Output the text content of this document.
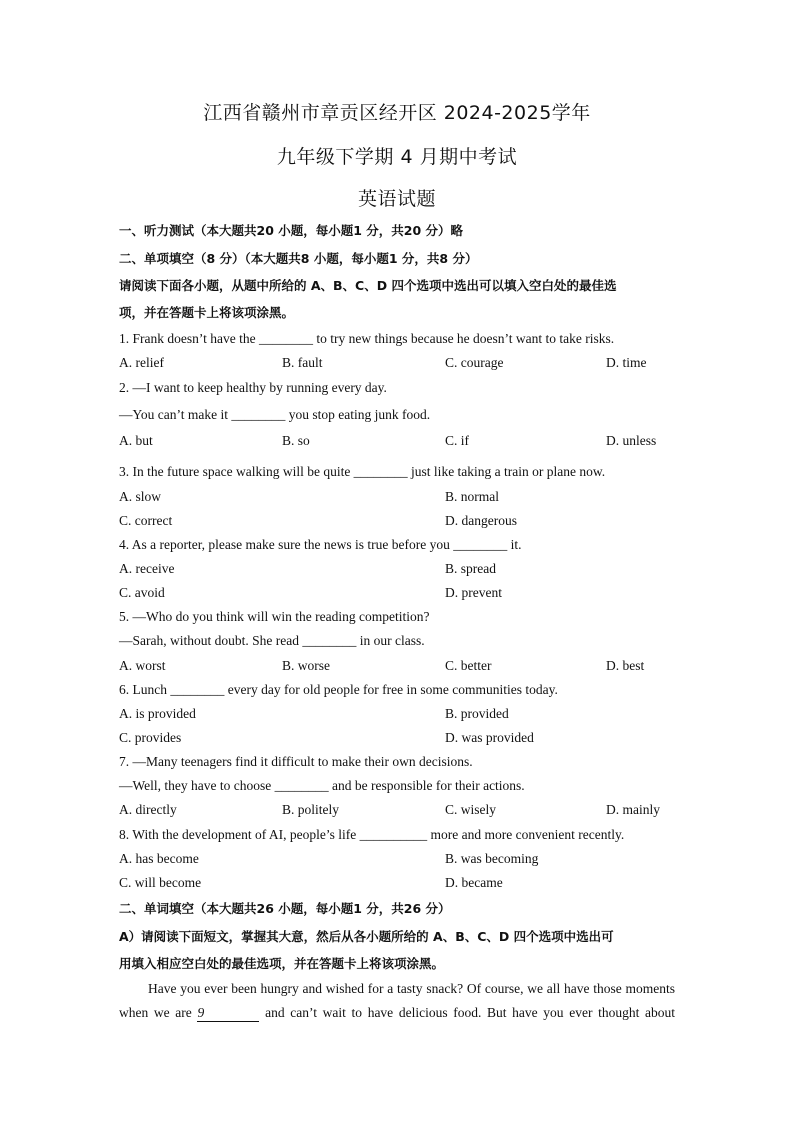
江西省赣州市章贡区经开区 2024-2025学年
九年级下学期 4 月期中考试
英语试题
一、听力测试（本大题共20 小题，每小题1 分，共20 分）略
二、单项填空（8 分）（本大题共8 小题，每小题1 分，共8 分）
请阅读下面各小题，从题中所给的 A、B、C、D 四个选项中选出可以填入空白处的最佳选
项，并在答题卡上将该项涂黑。
1. Frank doesn’t have the ________ to try new things because he doesn’t want to take risks.
A. relief	B. fault	C. courage	D. time
2. —I want to keep healthy by running every day.
—You can’t make it ________ you stop eating junk food.
A. but	B. so	C. if	D. unless
3. In the future space walking will be quite ________ just like taking a train or plane now.
A. slow	B. normal
C. correct	D. dangerous
4. As a reporter, please make sure the news is true before you ________ it.
A. receive	B. spread
C. avoid	D. prevent
5. —Who do you think will win the reading competition?
—Sarah, without doubt. She read ________ in our class.
A. worst	B. worse	C. better	D. best
6. Lunch ________ every day for old people for free in some communities today.
A. is provided	B. provided
C. provides	D. was provided
7. —Many teenagers find it difficult to make their own decisions.
—Well, they have to choose ________ and be responsible for their actions.
A. directly	B. politely	C. wisely	D. mainly
8. With the development of AI, people’s life __________ more and more convenient recently.
A. has become	B. was becoming
C. will become	D. became
二、单词填空（本大题共26 小题，每小题1 分，共26 分）
A）请阅读下面短文，掌握其大意，然后从各小题所给的 A、B、C、D 四个选项中选出可
用填入相应空白处的最佳选项，并在答题卡上将该项涂黑。
Have you ever been hungry and wished for a tasty snack? Of course, we all have those moments
when we are 9	and can’t wait to have delicious food. But have you ever thought about
